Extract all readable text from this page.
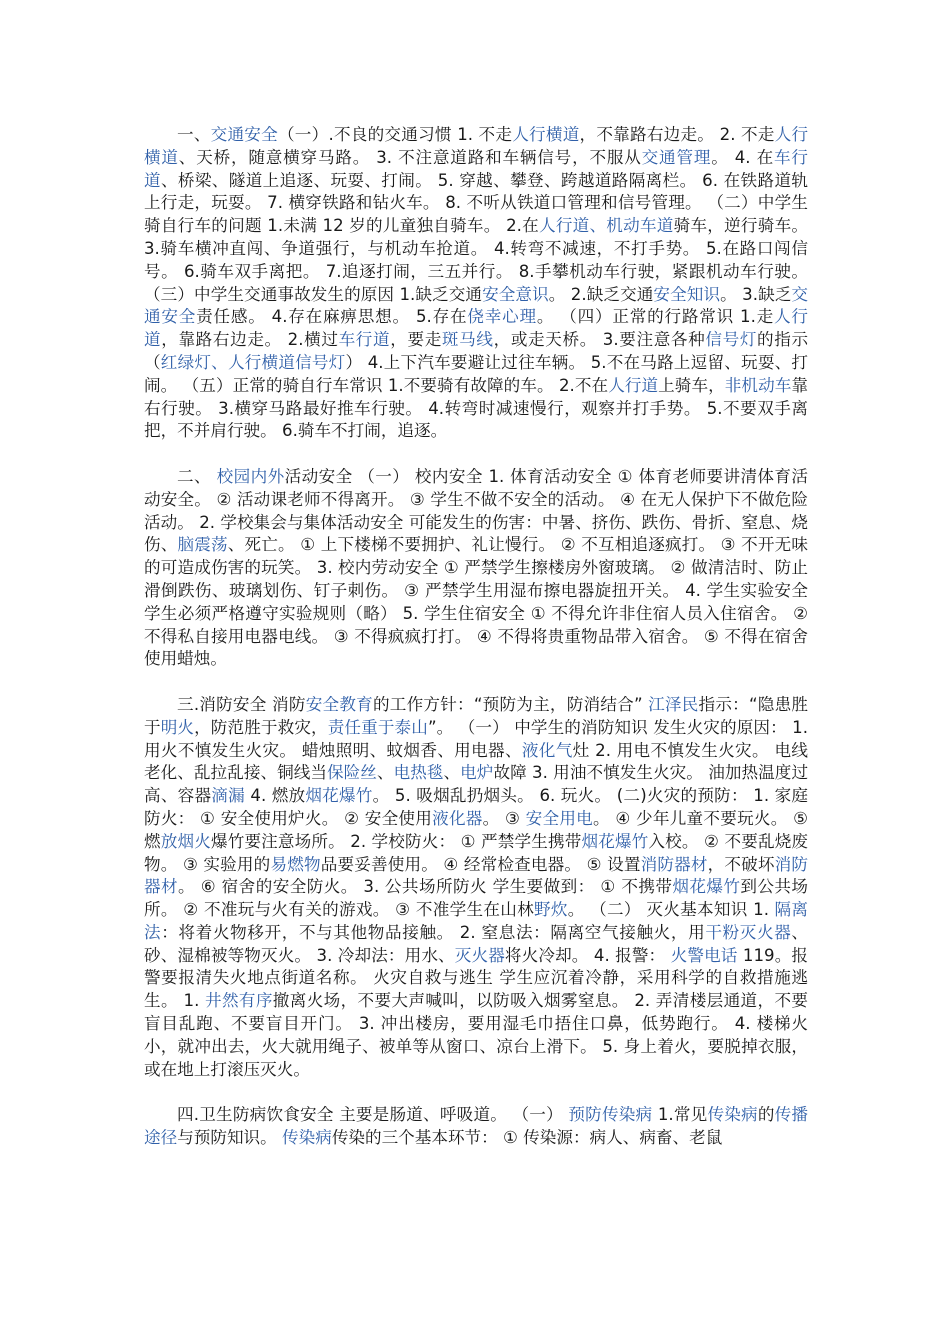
一、交通安全（一）.不良的交通习惯 1. 不走人行横道，不靠路右边走。 2. 不走人行横道、天桥，随意横穿马路。 3. 不注意道路和车辆信号，不服从交通管理。 4. 在车行道、桥梁、隧道上追逐、玩耍、打闹。 5. 穿越、攀登、跨越道路隔离栏。 6. 在铁路道轨上行走，玩耍。 7. 横穿铁路和钻火车。 8. 不听从铁道口管理和信号管理。 （二）中学生骑自行车的问题 1.未满 12 岁的儿童独自骑车。 2.在人行道、机动车道骑车，逆行骑车。 3.骑车横冲直闯、争道强行，与机动车抢道。 4.转弯不减速，不打手势。 5.在路口闯信号。 6.骑车双手离把。 7.追逐打闹，三五并行。 8.手攀机动车行驶，紧跟机动车行驶。 （三）中学生交通事故发生的原因 1.缺乏交通安全意识。 2.缺乏交通安全知识。 3.缺乏交通安全责任感。 4.存在麻痹思想。 5.存在侥幸心理。 （四）正常的行路常识 1.走人行道，靠路右边走。 2.横过车行道，要走斑马线，或走天桥。 3.要注意各种信号灯的指示（红绿灯、人行横道信号灯） 4.上下汽车要避让过往车辆。 5.不在马路上逗留、玩耍、打闹。 （五）正常的骑自行车常识 1.不要骑有故障的车。 2.不在人行道上骑车，非机动车靠右行驶。 3.横穿马路最好推车行驶。 4.转弯时减速慢行，观察并打手势。 5.不要双手离把，不并肩行驶。 6.骑车不打闹，追逐。

二、 校园内外活动安全 （一） 校内安全 1. 体育活动安全 ① 体育老师要讲清体育活动安全。 ② 活动课老师不得离开。 ③ 学生不做不安全的活动。 ④ 在无人保护下不做危险活动。 2. 学校集会与集体活动安全 可能发生的伤害：中暑、挤伤、跌伤、骨折、窒息、烧伤、脑震荡、死亡。 ① 上下楼梯不要拥护、礼让慢行。 ② 不互相追逐疯打。 ③ 不开无味的可造成伤害的玩笑。 3. 校内劳动安全 ① 严禁学生擦楼房外窗玻璃。 ② 做清洁时、防止滑倒跌伤、玻璃划伤、钉子刺伤。 ③ 严禁学生用湿布擦电器旋扭开关。 4. 学生实验安全 学生必须严格遵守实验规则（略） 5. 学生住宿安全 ① 不得允许非住宿人员入住宿舍。 ② 不得私自接用电器电线。 ③ 不得疯疯打打。 ④ 不得将贵重物品带入宿舍。 ⑤ 不得在宿舍使用蜡烛。

三.消防安全 消防安全教育的工作方针：“预防为主，防消结合” 江泽民指示：“隐患胜于明火，防范胜于救灾，责任重于泰山”。 （一） 中学生的消防知识 发生火灾的原因： 1. 用火不慎发生火灾。 蜡烛照明、蚊烟香、用电器、液化气灶 2. 用电不慎发生火灾。 电线老化、乱拉乱接、铜线当保险丝、电热毯、电炉故障 3. 用油不慎发生火灾。 油加热温度过高、容器滴漏 4. 燃放烟花爆竹。 5. 吸烟乱扔烟头。 6. 玩火。 (二)火灾的预防： 1. 家庭防火： ① 安全使用炉火。 ② 安全使用液化器。 ③ 安全用电。 ④ 少年儿童不要玩火。 ⑤ 燃放烟火爆竹要注意场所。 2. 学校防火： ① 严禁学生携带烟花爆竹入校。 ② 不要乱烧废物。 ③ 实验用的易燃物品要妥善使用。 ④ 经常检查电器。 ⑤ 设置消防器材，不破坏消防器材。 ⑥ 宿舍的安全防火。 3. 公共场所防火 学生要做到： ① 不携带烟花爆竹到公共场所。 ② 不准玩与火有关的游戏。 ③ 不准学生在山林野炊。 （二） 灭火基本知识 1. 隔离法：将着火物移开，不与其他物品接触。 2. 窒息法：隔离空气接触火，用干粉灭火器、砂、湿棉被等物灭火。 3. 冷却法：用水、灭火器将火冷却。 4. 报警： 火警电话 119。报警要报清失火地点街道名称。 火灾自救与逃生 学生应沉着冷静，采用科学的自救措施逃生。 1. 井然有序撤离火场，不要大声喊叫，以防吸入烟雾窒息。 2. 弄清楼层通道，不要盲目乱跑、不要盲目开门。 3. 冲出楼房，要用湿毛巾捂住口鼻，低势跑行。 4. 楼梯火小，就冲出去，火大就用绳子、被单等从窗口、凉台上滑下。 5. 身上着火，要脱掉衣服，或在地上打滚压灭火。

四.卫生防病饮食安全 主要是肠道、呼吸道。 （一） 预防传染病 1.常见传染病的传播途径与预防知识。 传染病传染的三个基本环节： ① 传染源：病人、病畜、老鼠
